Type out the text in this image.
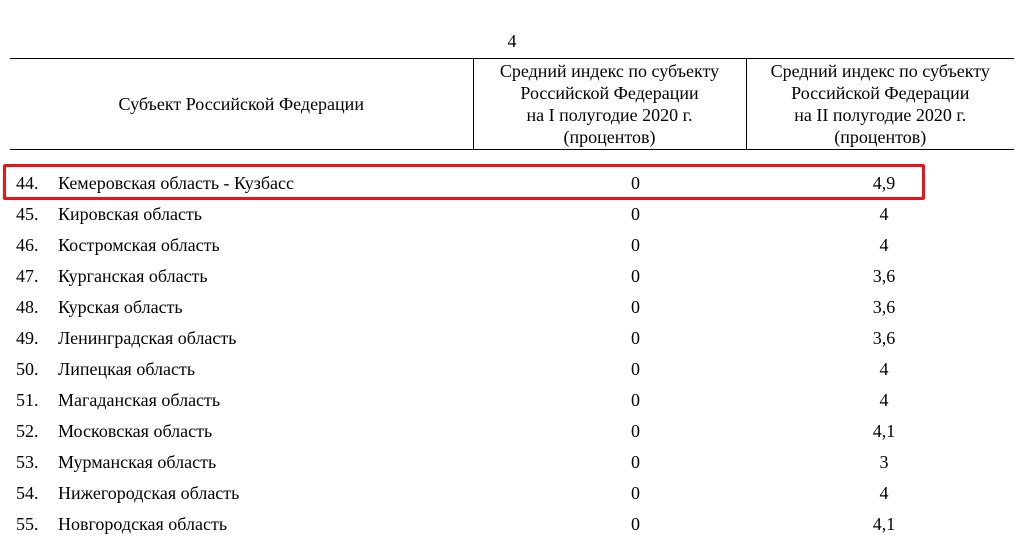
4
Субъект Российской Федерации	Средний индекс по субъекту
Российской Федерации
на I полугодие 2020 г.
(процентов)	Средний индекс по субъекту
Российской Федерации
на II полугодие 2020 г.
(процентов)
44. Кемеровская область - Кузбасс	0	4,9
45. Кировская область	0	4
46. Костромская область	0	4
47. Курганская область	0	3,6
48. Курская область	0	3,6
49. Ленинградская область	0	3,6
50. Липецкая область	0	4
51. Магаданская область	0	4
52. Московская область	0	4,1
53. Мурманская область	0	3
54. Нижегородская область	0	4
55. Новгородская область	0	4,1
